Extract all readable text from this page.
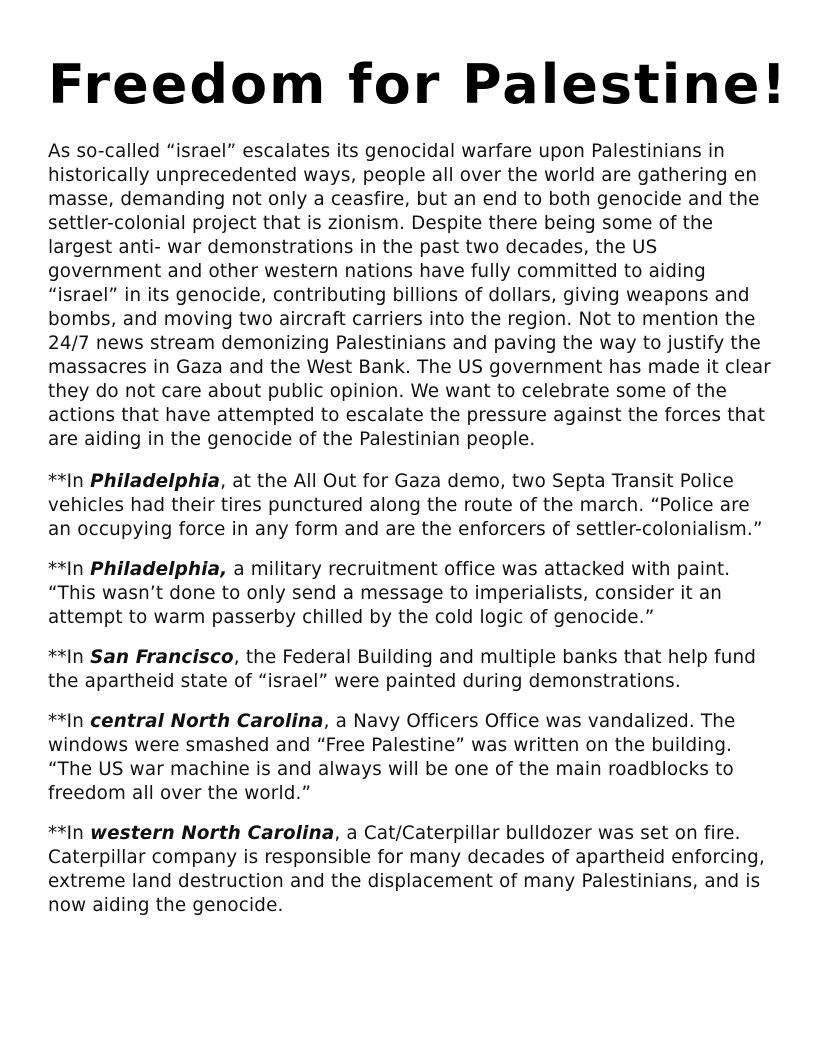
Freedom for Palestine!

As so-called “israel” escalates its genocidal warfare upon Palestinians in historically unprecedented ways, people all over the world are gathering en masse, demanding not only a ceasfire, but an end to both genocide and the settler-colonial project that is zionism. Despite there being some of the largest anti- war demonstrations in the past two decades, the US government and other western nations have fully committed to aiding “israel” in its genocide, contributing billions of dollars, giving weapons and bombs, and moving two aircraft carriers into the region. Not to mention the 24/7 news stream demonizing Palestinians and paving the way to justify the massacres in Gaza and the West Bank. The US government has made it clear they do not care about public opinion. We want to celebrate some of the actions that have attempted to escalate the pressure against the forces that are aiding in the genocide of the Palestinian people.

**In Philadelphia, at the All Out for Gaza demo, two Septa Transit Police vehicles had their tires punctured along the route of the march. “Police are an occupying force in any form and are the enforcers of settler-colonialism.”

**In Philadelphia, a military recruitment office was attacked with paint. “This wasn’t done to only send a message to imperialists, consider it an attempt to warm passerby chilled by the cold logic of genocide.”

**In San Francisco, the Federal Building and multiple banks that help fund the apartheid state of “israel” were painted during demonstrations.

**In central North Carolina, a Navy Officers Office was vandalized. The windows were smashed and “Free Palestine” was written on the building. “The US war machine is and always will be one of the main roadblocks to freedom all over the world.”

**In western North Carolina, a Cat/Caterpillar bulldozer was set on fire. Caterpillar company is responsible for many decades of apartheid enforcing, extreme land destruction and the displacement of many Palestinians, and is now aiding the genocide.
